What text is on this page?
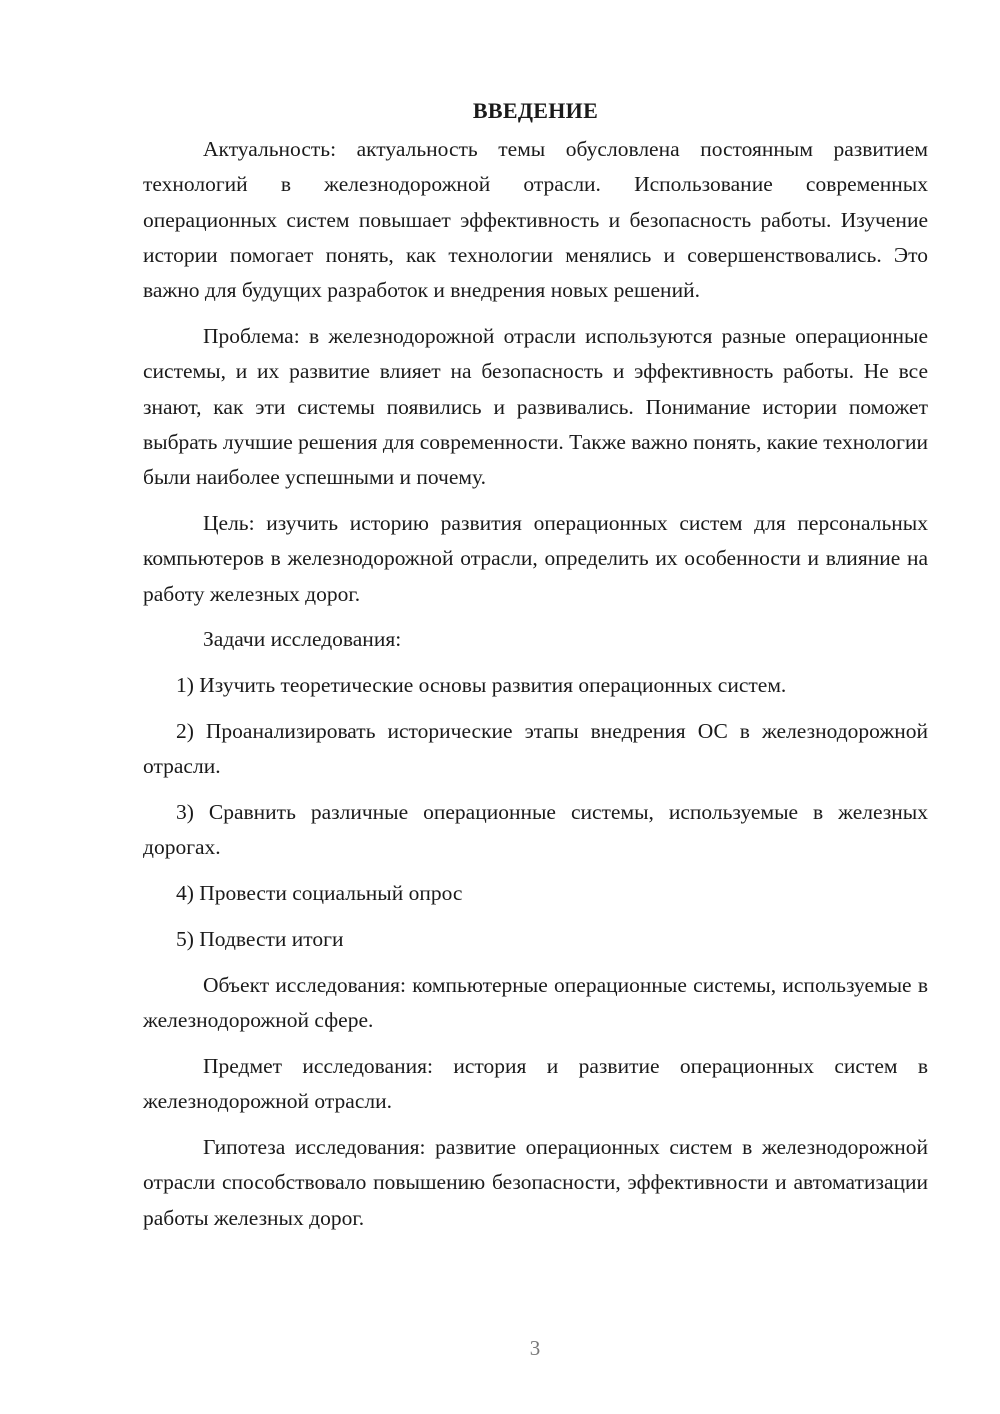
ВВЕДЕНИЕ

Актуальность: актуальность темы обусловлена постоянным развитием технологий в железнодорожной отрасли. Использование современных операционных систем повышает эффективность и безопасность работы. Изучение истории помогает понять, как технологии менялись и совершенствовались. Это важно для будущих разработок и внедрения новых решений.

Проблема: в железнодорожной отрасли используются разные операционные системы, и их развитие влияет на безопасность и эффективность работы. Не все знают, как эти системы появились и развивались. Понимание истории поможет выбрать лучшие решения для современности. Также важно понять, какие технологии были наиболее успешными и почему.

Цель: изучить историю развития операционных систем для персональных компьютеров в железнодорожной отрасли, определить их особенности и влияние на работу железных дорог.

Задачи исследования:

1) Изучить теоретические основы развития операционных систем.

2) Проанализировать исторические этапы внедрения ОС в железнодорожной отрасли.

3) Сравнить различные операционные системы, используемые в железных дорогах.

4) Провести социальный опрос

5) Подвести итоги

Объект исследования: компьютерные операционные системы, используемые в железнодорожной сфере.

Предмет исследования: история и развитие операционных систем в железнодорожной отрасли.

Гипотеза исследования: развитие операционных систем в железнодорожной отрасли способствовало повышению безопасности, эффективности и автоматизации работы железных дорог.

3
